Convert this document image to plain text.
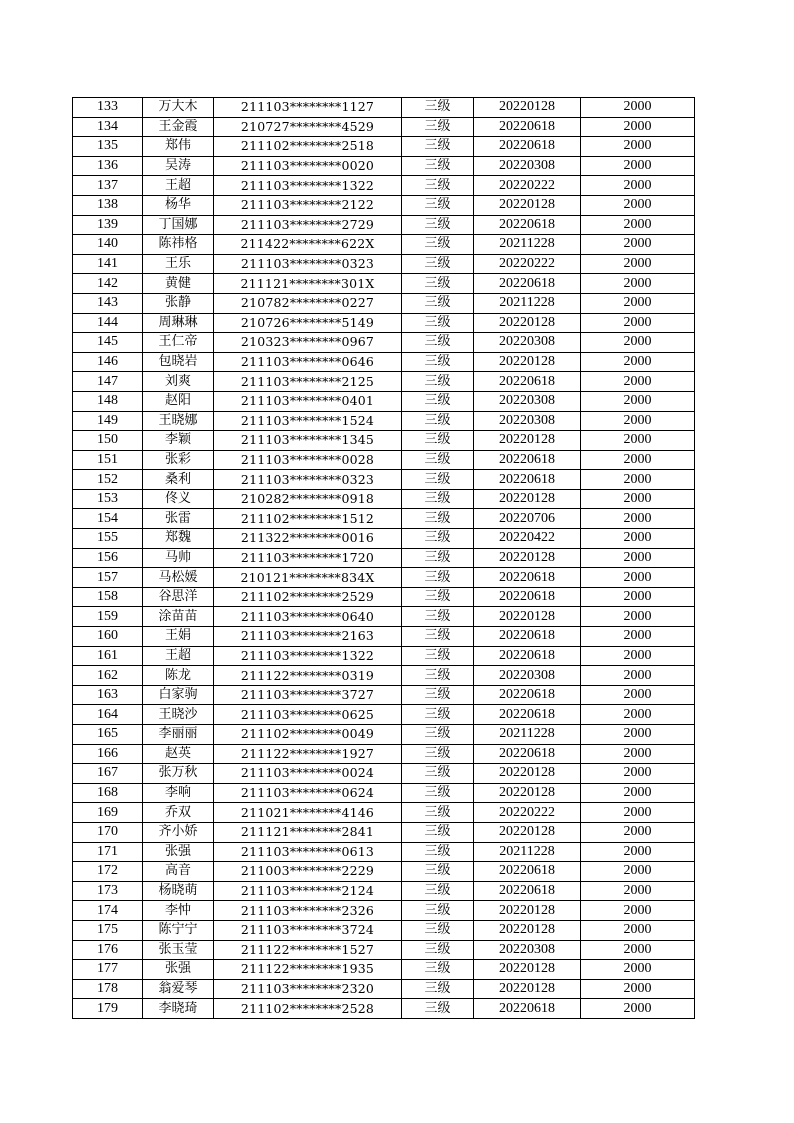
133	万大木	211103********1127	三级	20220128	2000
134	王金霞	210727********4529	三级	20220618	2000
135	郑伟	211102********2518	三级	20220618	2000
136	吴涛	211103********0020	三级	20220308	2000
137	王超	211103********1322	三级	20220222	2000
138	杨华	211103********2122	三级	20220128	2000
139	丁国娜	211103********2729	三级	20220618	2000
140	陈祎格	211422********622X	三级	20211228	2000
141	王乐	211103********0323	三级	20220222	2000
142	黄健	211121********301X	三级	20220618	2000
143	张静	210782********0227	三级	20211228	2000
144	周琳琳	210726********5149	三级	20220128	2000
145	王仁帝	210323********0967	三级	20220308	2000
146	包晓岩	211103********0646	三级	20220128	2000
147	刘爽	211103********2125	三级	20220618	2000
148	赵阳	211103********0401	三级	20220308	2000
149	王晓娜	211103********1524	三级	20220308	2000
150	李颖	211103********1345	三级	20220128	2000
151	张彩	211103********0028	三级	20220618	2000
152	桑利	211103********0323	三级	20220618	2000
153	佟义	210282********0918	三级	20220128	2000
154	张雷	211102********1512	三级	20220706	2000
155	郑魏	211322********0016	三级	20220422	2000
156	马帅	211103********1720	三级	20220128	2000
157	马松媛	210121********834X	三级	20220618	2000
158	谷思洋	211102********2529	三级	20220618	2000
159	涂苗苗	211103********0640	三级	20220128	2000
160	王娟	211103********2163	三级	20220618	2000
161	王超	211103********1322	三级	20220618	2000
162	陈龙	211122********0319	三级	20220308	2000
163	白家驹	211103********3727	三级	20220618	2000
164	王晓沙	211103********0625	三级	20220618	2000
165	李丽丽	211102********0049	三级	20211228	2000
166	赵英	211122********1927	三级	20220618	2000
167	张万秋	211103********0024	三级	20220128	2000
168	李响	211103********0624	三级	20220128	2000
169	乔双	211021********4146	三级	20220222	2000
170	齐小娇	211121********2841	三级	20220128	2000
171	张强	211103********0613	三级	20211228	2000
172	高音	211003********2229	三级	20220618	2000
173	杨晓萌	211103********2124	三级	20220618	2000
174	李忡	211103********2326	三级	20220128	2000
175	陈宁宁	211103********3724	三级	20220128	2000
176	张玉莹	211122********1527	三级	20220308	2000
177	张强	211122********1935	三级	20220128	2000
178	翁爱琴	211103********2320	三级	20220128	2000
179	李晓琦	211102********2528	三级	20220618	2000
